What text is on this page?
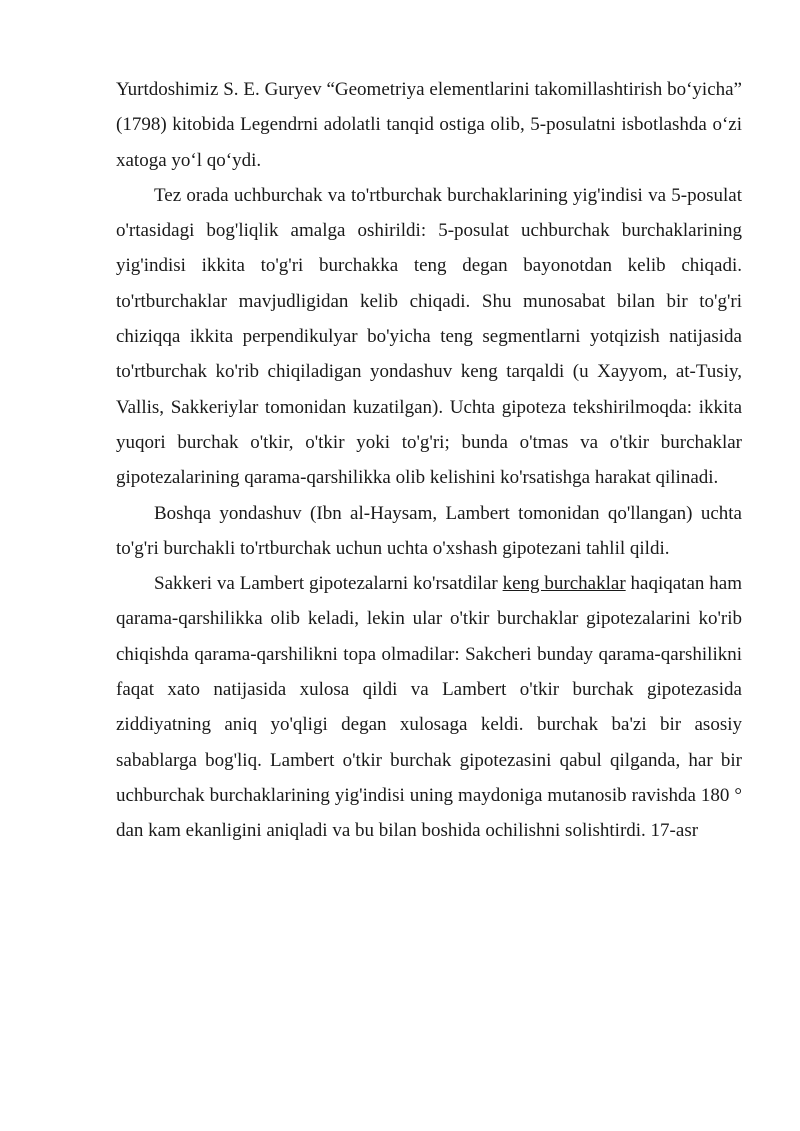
Yurtdoshimiz S. E. Guryev “Geometriya elementlarini takomillashtirish boʻyicha” (1798) kitobida Legendrni adolatli tanqid ostiga olib, 5-posulatni isbotlashda oʻzi xatoga yoʻl qoʻydi.

Tez orada uchburchak va to'rtburchak burchaklarining yig'indisi va 5-posulat o'rtasidagi bog'liqlik amalga oshirildi: 5-posulat uchburchak burchaklarining yig'indisi ikkita to'g'ri burchakka teng degan bayonotdan kelib chiqadi. to'rtburchaklar mavjudligidan kelib chiqadi. Shu munosabat bilan bir to'g'ri chiziqqa ikkita perpendikulyar bo'yicha teng segmentlarni yotqizish natijasida to'rtburchak ko'rib chiqiladigan yondashuv keng tarqaldi (u Xayyom, at-Tusiy, Vallis, Sakkeriylar tomonidan kuzatilgan). Uchta gipoteza tekshirilmoqda: ikkita yuqori burchak o'tkir, o'tkir yoki to'g'ri; bunda o'tmas va o'tkir burchaklar gipotezalarining qarama-qarshilikka olib kelishini ko'rsatishga harakat qilinadi.

Boshqa yondashuv (Ibn al-Haysam, Lambert tomonidan qo'llangan) uchta to'g'ri burchakli to'rtburchak uchun uchta o'xshash gipotezani tahlil qildi.

Sakkeri va Lambert gipotezalarni ko'rsatdilar keng burchaklar haqiqatan ham qarama-qarshilikka olib keladi, lekin ular o'tkir burchaklar gipotezalarini ko'rib chiqishda qarama-qarshilikni topa olmadilar: Sakcheri bunday qarama-qarshilikni faqat xato natijasida xulosa qildi va Lambert o'tkir burchak gipotezasida ziddiyatning aniq yo'qligi degan xulosaga keldi. burchak ba'zi bir asosiy sabablarga bog'liq. Lambert o'tkir burchak gipotezasini qabul qilganda, har bir uchburchak burchaklarining yig'indisi uning maydoniga mutanosib ravishda 180 ° dan kam ekanligini aniqladi va bu bilan boshida ochilishni solishtirdi. 17-asr
